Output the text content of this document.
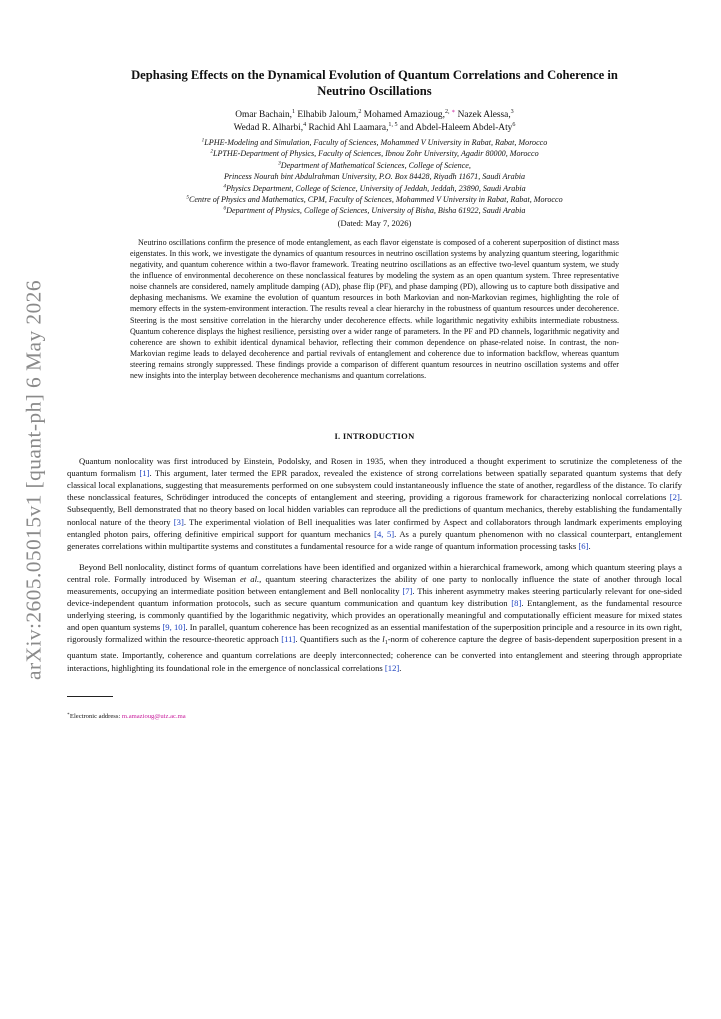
arXiv:2605.05015v1 [quant-ph] 6 May 2026
Dephasing Effects on the Dynamical Evolution of Quantum Correlations and Coherence in
Neutrino Oscillations
Omar Bachain,$^1$ Elhabib Jaloum,$^2$ Mohamed Amazioug,$^{2, ∗}$ Nazek Alessa,$^3$
Wedad R. Alharbi,$^4$ Rachid Ahl Laamara,$^{1, 5}$ and Abdel-Haleem Abdel-Aty$^6$
$^1$LPHE-Modeling and Simulation, Faculty of Sciences, Mohammed V University in Rabat, Rabat, Morocco
$^2$LPTHE-Department of Physics, Faculty of Sciences, Ibnou Zohr University, Agadir 80000, Morocco
$^3$Department of Mathematical Sciences, College of Science,
Princess Nourah bint Abdulrahman University, P.O. Box 84428, Riyadh 11671, Saudi Arabia
$^4$Physics Department, College of Science, University of Jeddah, Jeddah, 23890, Saudi Arabia
$^5$Centre of Physics and Mathematics, CPM, Faculty of Sciences, Mohammed V University in Rabat, Rabat, Morocco
$^6$Department of Physics, College of Sciences, University of Bisha, Bisha 61922, Saudi Arabia
(Dated: May 7, 2026)
Neutrino oscillations confirm the presence of mode entanglement, as each flavor eigenstate is composed of a coherent superposition of distinct mass eigenstates. In this work, we investigate the dynamics of quantum resources in neutrino oscillation systems by analyzing quantum steering, logarithmic negativity, and quantum coherence within a two-flavor framework. Treating neutrino oscillations as an effective two-level quantum system, we study the influence of environmental decoherence on these nonclassical features by modeling the system as an open quantum system. Three representative noise channels are considered, namely amplitude damping (AD), phase flip (PF), and phase damping (PD), allowing us to capture both dissipative and dephasing mechanisms. We examine the evolution of quantum resources in both Markovian and non-Markovian regimes, highlighting the role of memory effects in the system-environment interaction. The results reveal a clear hierarchy in the robustness of quantum resources under decoherence. Steering is the most sensitive correlation in the hierarchy under decoherence effects. while logarithmic negativity exhibits intermediate robustness. Quantum coherence displays the highest resilience, persisting over a wider range of parameters. In the PF and PD channels, logarithmic negativity and coherence are shown to exhibit identical dynamical behavior, reflecting their common dependence on phase-related noise. In contrast, the non-Markovian regime leads to delayed decoherence and partial revivals of entanglement and coherence due to information backflow, whereas quantum steering remains strongly suppressed. These findings provide a comparison of different quantum resources in neutrino oscillation systems and offer new insights into the interplay between decoherence mechanisms and quantum correlations.
I. INTRODUCTION
Quantum nonlocality was first introduced by Einstein, Podolsky, and Rosen in 1935, when they introduced a thought experiment to scrutinize the completeness of the quantum formalism [1]. This argument, later termed the EPR paradox, revealed the existence of strong correlations between spatially separated quantum systems that defy classical local explanations, suggesting that measurements performed on one subsystem could instantaneously influence the state of another, regardless of the distance. To clarify these nonclassical features, Schrödinger introduced the concepts of entanglement and steering, providing a rigorous framework for characterizing nonlocal correlations [2]. Subsequently, Bell demonstrated that no theory based on local hidden variables can reproduce all the predictions of quantum mechanics, thereby establishing the fundamentally nonlocal nature of the theory [3]. The experimental violation of Bell inequalities was later confirmed by Aspect and collaborators through landmark experiments employing entangled photon pairs, offering definitive empirical support for quantum mechanics [4, 5]. As a purely quantum phenomenon with no classical counterpart, entanglement generates correlations within multipartite systems and constitutes a fundamental resource for a wide range of quantum information processing tasks [6].
Beyond Bell nonlocality, distinct forms of quantum correlations have been identified and organized within a hierarchical framework, among which quantum steering plays a central role. Formally introduced by Wiseman et al., quantum steering characterizes the ability of one party to nonlocally influence the state of another through local measurements, occupying an intermediate position between entanglement and Bell nonlocality [7]. This inherent asymmetry makes steering particularly relevant for one-sided device-independent quantum information protocols, such as secure quantum communication and quantum key distribution [8]. Entanglement, as the fundamental resource underlying steering, is commonly quantified by the logarithmic negativity, which provides an operationally meaningful and computationally efficient measure for mixed states and open quantum systems [9, 10]. In parallel, quantum coherence has been recognized as an essential manifestation of the superposition principle and a resource in its own right, rigorously formalized within the resource-theoretic approach [11]. Quantifiers such as the $l_1$-norm of coherence capture the degree of basis-dependent superposition present in a quantum state. Importantly, coherence and quantum correlations are deeply interconnected; coherence can be converted into entanglement and steering through appropriate interactions, highlighting its foundational role in the emergence of nonclassical correlations [12].
∗Electronic address: m.amazioug@uiz.ac.ma
